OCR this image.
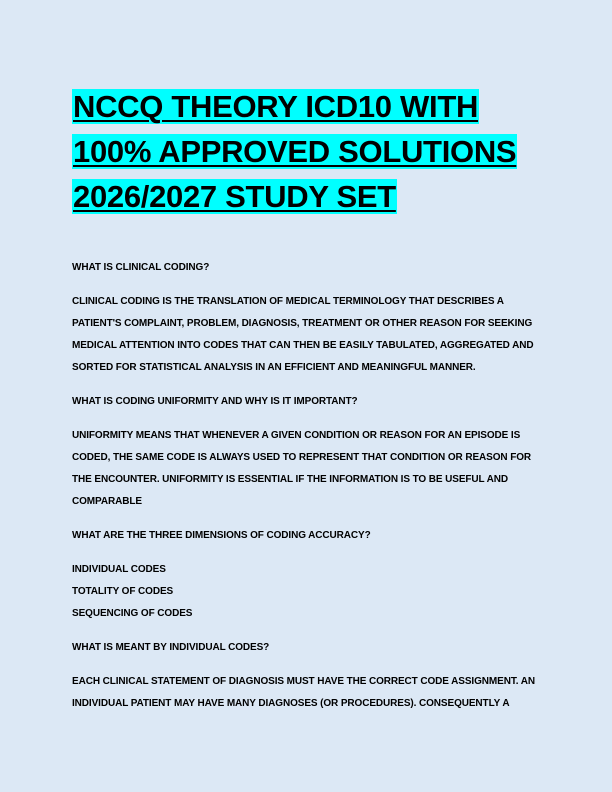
NCCQ THEORY ICD10 WITH
100% APPROVED SOLUTIONS
2026/2027 STUDY SET

WHAT IS CLINICAL CODING?

CLINICAL CODING IS THE TRANSLATION OF MEDICAL TERMINOLOGY THAT DESCRIBES A PATIENT'S COMPLAINT, PROBLEM, DIAGNOSIS, TREATMENT OR OTHER REASON FOR SEEKING MEDICAL ATTENTION INTO CODES THAT CAN THEN BE EASILY TABULATED, AGGREGATED AND SORTED FOR STATISTICAL ANALYSIS IN AN EFFICIENT AND MEANINGFUL MANNER.

WHAT IS CODING UNIFORMITY AND WHY IS IT IMPORTANT?

UNIFORMITY MEANS THAT WHENEVER A GIVEN CONDITION OR REASON FOR AN EPISODE IS CODED, THE SAME CODE IS ALWAYS USED TO REPRESENT THAT CONDITION OR REASON FOR THE ENCOUNTER. UNIFORMITY IS ESSENTIAL IF THE INFORMATION IS TO BE USEFUL AND COMPARABLE

WHAT ARE THE THREE DIMENSIONS OF CODING ACCURACY?

INDIVIDUAL CODES
TOTALITY OF CODES
SEQUENCING OF CODES

WHAT IS MEANT BY INDIVIDUAL CODES?

EACH CLINICAL STATEMENT OF DIAGNOSIS MUST HAVE THE CORRECT CODE ASSIGNMENT. AN INDIVIDUAL PATIENT MAY HAVE MANY DIAGNOSES (OR PROCEDURES). CONSEQUENTLY A
